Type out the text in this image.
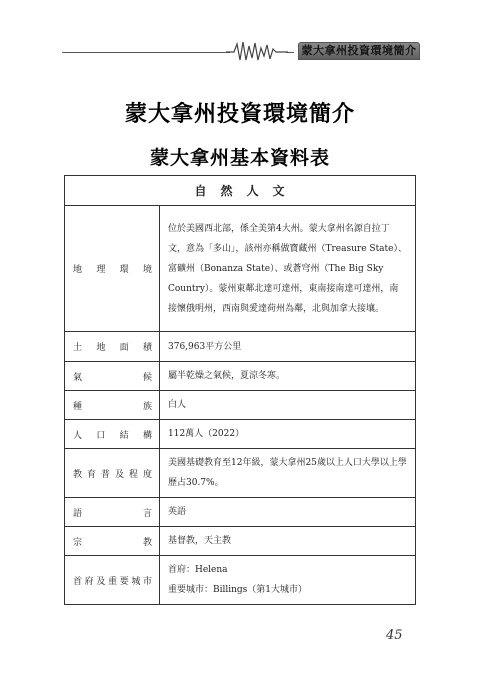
蒙大拿州投資環境簡介
蒙大拿州投資環境簡介
蒙大拿州基本資料表
自然人文	
地理環境	位於美國西北部，係全美第4大州。蒙大拿州名源自拉丁文，意為「多山」，該州亦稱做寶藏州（Treasure State）、富礦州（Bonanza State）、或蒼穹州（The Big Sky Country）。蒙州東鄰北達可達州，東南接南達可達州，南接懷俄明州，西南與愛達荷州為鄰，北與加拿大接壤。
土地面積	376,963平方公里
氣候	屬半乾燥之氣候，夏涼冬寒。
種族	白人
人口結構	112萬人（2022）
教育普及程度	美國基礎教育至12年級，蒙大拿州25歲以上人口大學以上學歷占30.7%。
語言	英語
宗教	基督教，天主教
首府及重要城市	首府：Helena
重要城市：Billings（第1大城市）
45
